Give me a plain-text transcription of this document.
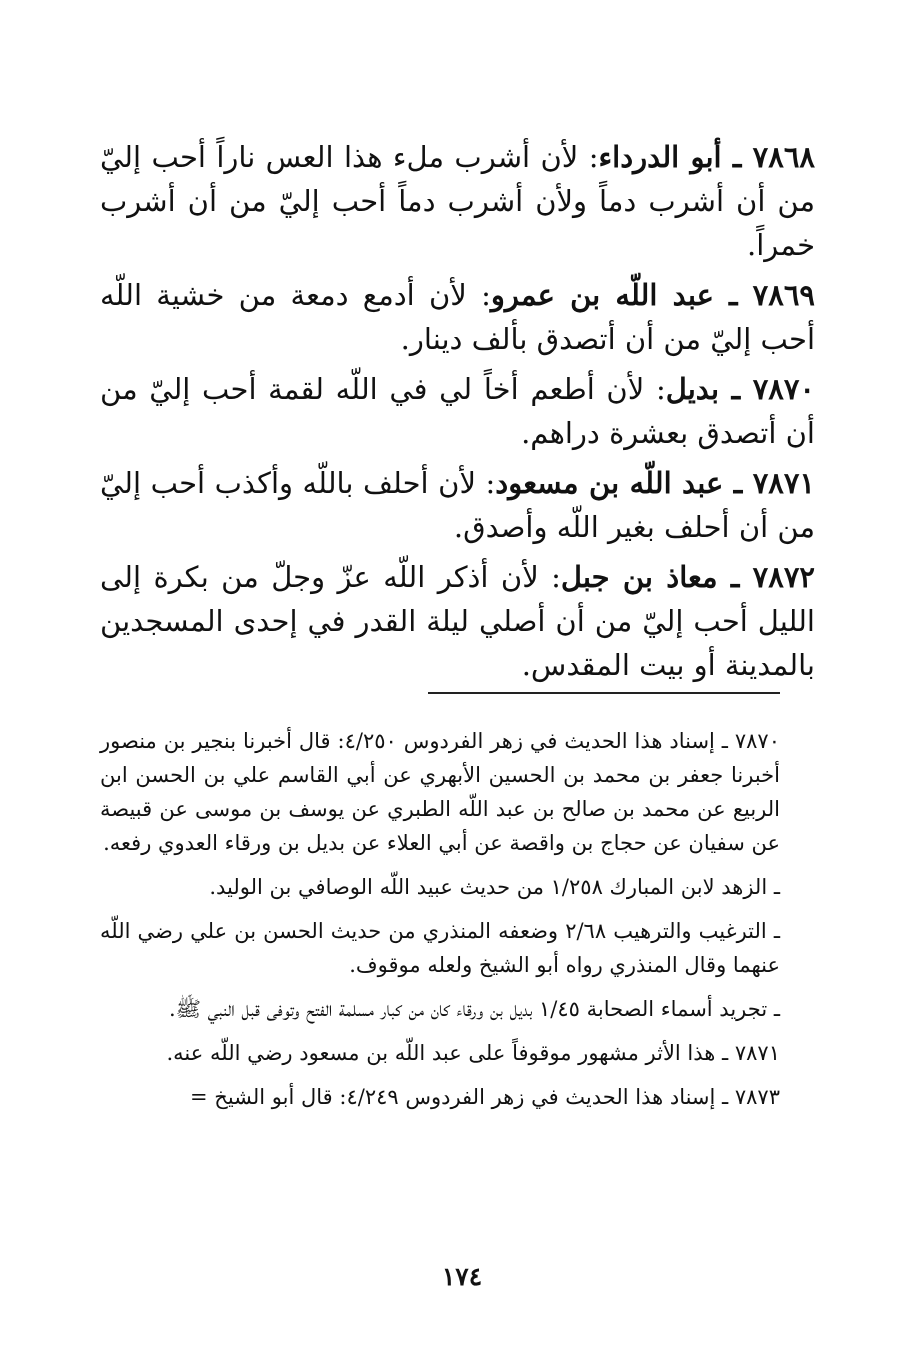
٧٨٦٨ ـ أبو الدرداء: لأن أشرب ملء هذا العس ناراً أحب إليّ من أن أشرب دماً ولأن أشرب دماً أحب إليّ من أن أشرب خمراً.

٧٨٦٩ ـ عبد اللّه بن عمرو: لأن أدمع دمعة من خشية اللّه أحب إليّ من أن أتصدق بألف دينار.

٧٨٧٠ ـ بديل: لأن أطعم أخاً لي في اللّه لقمة أحب إليّ من أن أتصدق بعشرة دراهم.

٧٨٧١ ـ عبد اللّه بن مسعود: لأن أحلف باللّه وأكذب أحب إليّ من أن أحلف بغير اللّه وأصدق.

٧٨٧٢ ـ معاذ بن جبل: لأن أذكر اللّه عزّ وجلّ من بكرة إلى الليل أحب إليّ من أن أصلي ليلة القدر في إحدى المسجدين بالمدينة أو بيت المقدس.

٧٨٧٠ ـ إسناد هذا الحديث في زهر الفردوس ٤/٢٥٠: قال أخبرنا بنجير بن منصور أخبرنا جعفر بن محمد بن الحسين الأبهري عن أبي القاسم علي بن الحسن ابن الربيع عن محمد بن صالح بن عبد اللّه الطبري عن يوسف بن موسى عن قبيصة عن سفيان عن حجاج بن واقصة عن أبي العلاء عن بديل بن ورقاء العدوي رفعه.

ـ الزهد لابن المبارك ١/٢٥٨ من حديث عبيد اللّه الوصافي بن الوليد.

ـ الترغيب والترهيب ٢/٦٨ وضعفه المنذري من حديث الحسن بن علي رضي اللّه عنهما وقال المنذري رواه أبو الشيخ ولعله موقوف.

ـ تجريد أسماء الصحابة ١/٤٥ بديل بن ورقاء كان من كبار مسلمة الفتح وتوفى قبل النبي ﷺ.

٧٨٧١ ـ هذا الأثر مشهور موقوفاً على عبد اللّه بن مسعود رضي اللّه عنه.

٧٨٧٣ ـ إسناد هذا الحديث في زهر الفردوس ٤/٢٤٩: قال أبو الشيخ =

١٧٤
